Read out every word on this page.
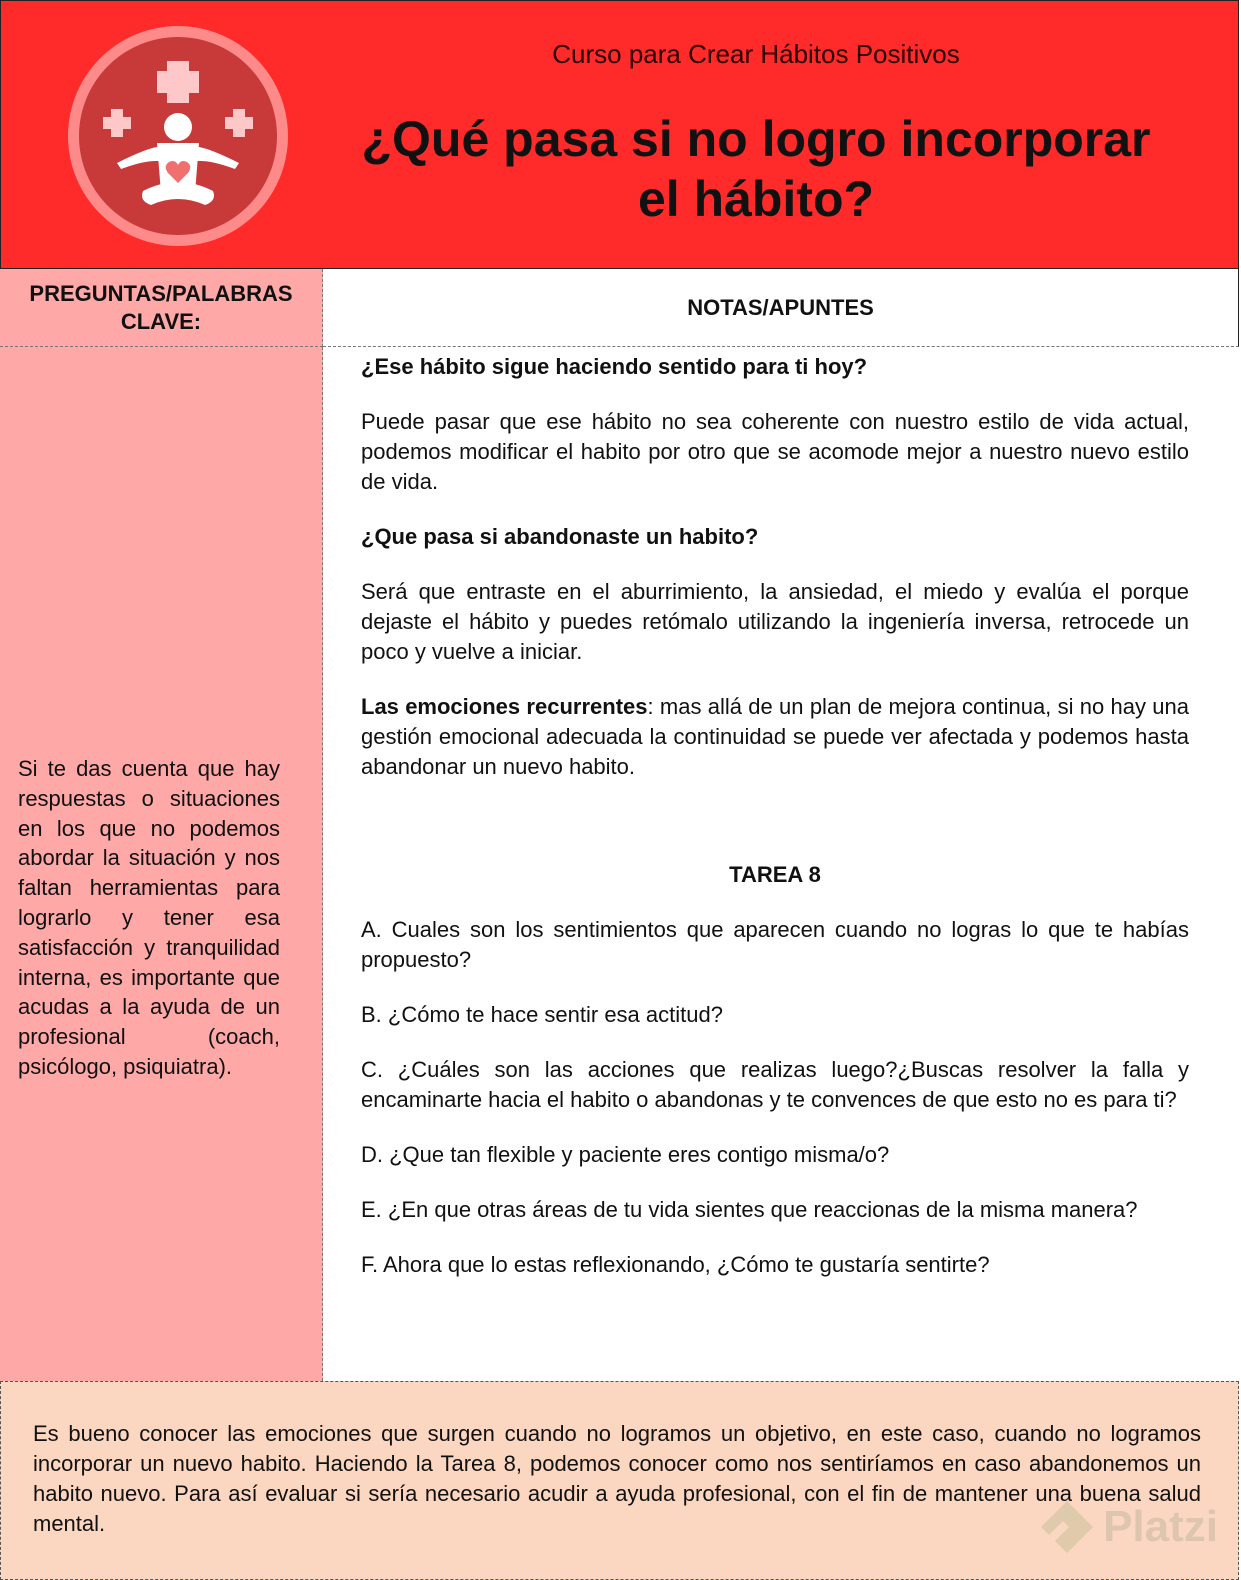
Curso para Crear Hábitos Positivos
¿Qué pasa si no logro incorporar
el hábito?
PREGUNTAS/PALABRAS CLAVE:
NOTAS/APUNTES
Si te das cuenta que hay respuestas o situaciones en los que no podemos abordar la situación y nos faltan herramientas para lograrlo y tener esa satisfacción y tranquilidad interna, es importante que acudas a la ayuda de un profesional (coach, psicólogo, psiquiatra).

¿Ese hábito sigue haciendo sentido para ti hoy?

Puede pasar que ese hábito no sea coherente con nuestro estilo de vida actual, podemos modificar el habito por otro que se acomode mejor a nuestro nuevo estilo de vida.

¿Que pasa si abandonaste un habito?

Será que entraste en el aburrimiento, la ansiedad, el miedo y evalúa el porque dejaste el hábito y puedes retómalo utilizando la ingeniería inversa, retrocede un poco y vuelve a iniciar.

Las emociones recurrentes: mas allá de un plan de mejora continua, si no hay una gestión emocional adecuada la continuidad se puede ver afectada y podemos hasta abandonar un nuevo habito.

TAREA 8

A. Cuales son los sentimientos que aparecen cuando no logras lo que te habías propuesto?

B. ¿Cómo te hace sentir esa actitud?

C. ¿Cuáles son las acciones que realizas luego?¿Buscas resolver la falla y encaminarte hacia el habito o abandonas y te convences de que esto no es para ti?

D. ¿Que tan flexible y paciente eres contigo misma/o?

E. ¿En que otras áreas de tu vida sientes que reaccionas de la misma manera?

F. Ahora que lo estas reflexionando, ¿Cómo te gustaría sentirte?

Es bueno conocer las emociones que surgen cuando no logramos un objetivo, en este caso, cuando no logramos incorporar un nuevo habito. Haciendo la Tarea 8, podemos conocer como nos sentiríamos en caso abandonemos un habito nuevo. Para así evaluar si sería necesario acudir a ayuda profesional, con el fin de mantener una buena salud mental.	Platzi
